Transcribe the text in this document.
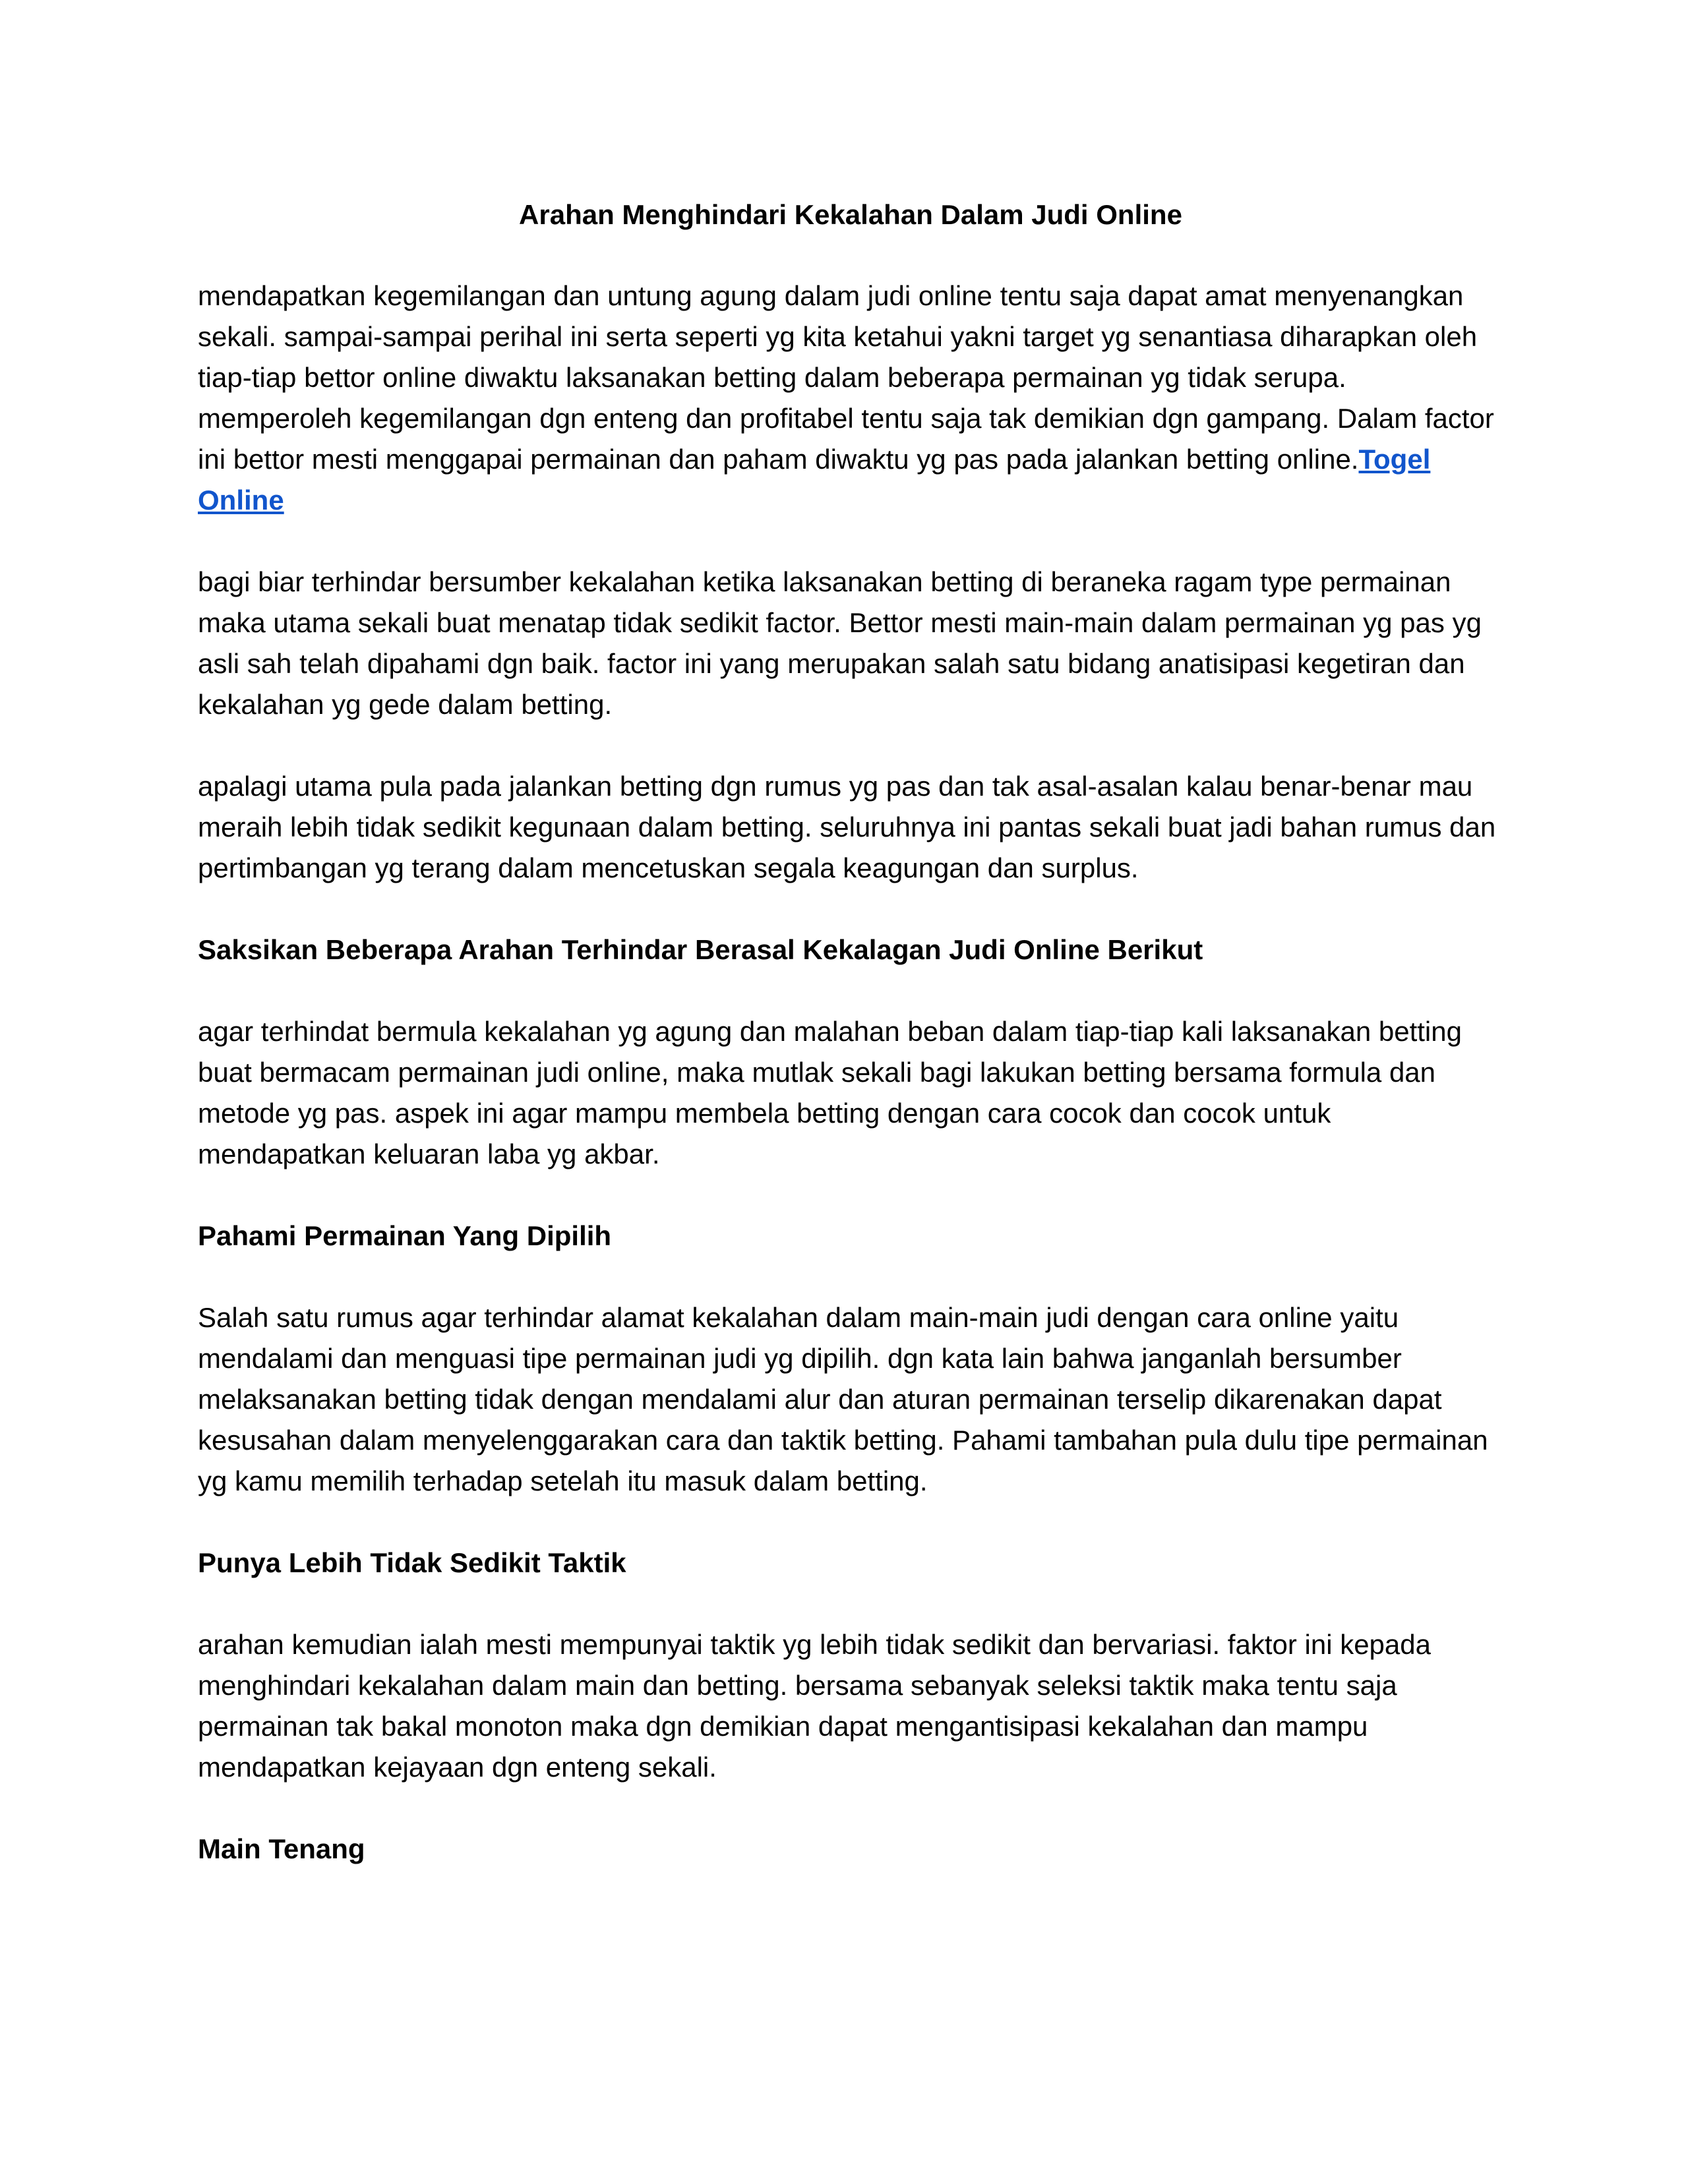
Arahan Menghindari Kekalahan Dalam Judi Online

mendapatkan kegemilangan dan untung agung dalam judi online tentu saja dapat amat menyenangkan sekali. sampai-sampai perihal ini serta seperti yg kita ketahui yakni target yg senantiasa diharapkan oleh tiap-tiap bettor online diwaktu laksanakan betting dalam beberapa permainan yg tidak serupa. memperoleh kegemilangan dgn enteng dan profitabel tentu saja tak demikian dgn gampang. Dalam factor ini bettor mesti menggapai permainan dan paham diwaktu yg pas pada jalankan betting online.Togel Online

bagi biar terhindar bersumber kekalahan ketika laksanakan betting di beraneka ragam type permainan maka utama sekali buat menatap tidak sedikit factor. Bettor mesti main-main dalam permainan yg pas yg asli sah telah dipahami dgn baik. factor ini yang merupakan salah satu bidang anatisipasi kegetiran dan kekalahan yg gede dalam betting.

apalagi utama pula pada jalankan betting dgn rumus yg pas dan tak asal-asalan kalau benar-benar mau meraih lebih tidak sedikit kegunaan dalam betting. seluruhnya ini pantas sekali buat jadi bahan rumus dan pertimbangan yg terang dalam mencetuskan segala keagungan dan surplus.

Saksikan Beberapa Arahan Terhindar Berasal Kekalagan Judi Online Berikut

agar terhindat bermula kekalahan yg agung dan malahan beban dalam tiap-tiap kali laksanakan betting buat bermacam permainan judi online, maka mutlak sekali bagi lakukan betting bersama formula dan metode yg pas. aspek ini agar mampu membela betting dengan cara cocok dan cocok untuk mendapatkan keluaran laba yg akbar.

Pahami Permainan Yang Dipilih

Salah satu rumus agar terhindar alamat kekalahan dalam main-main judi dengan cara online yaitu mendalami dan menguasi tipe permainan judi yg dipilih. dgn kata lain bahwa janganlah bersumber melaksanakan betting tidak dengan mendalami alur dan aturan permainan terselip dikarenakan dapat kesusahan dalam menyelenggarakan cara dan taktik betting. Pahami tambahan pula dulu tipe permainan yg kamu memilih terhadap setelah itu masuk dalam betting.

Punya Lebih Tidak Sedikit Taktik

arahan kemudian ialah mesti mempunyai taktik yg lebih tidak sedikit dan bervariasi. faktor ini kepada menghindari kekalahan dalam main dan betting. bersama sebanyak seleksi taktik maka tentu saja permainan tak bakal monoton maka dgn demikian dapat mengantisipasi kekalahan dan mampu mendapatkan kejayaan dgn enteng sekali.

Main Tenang
